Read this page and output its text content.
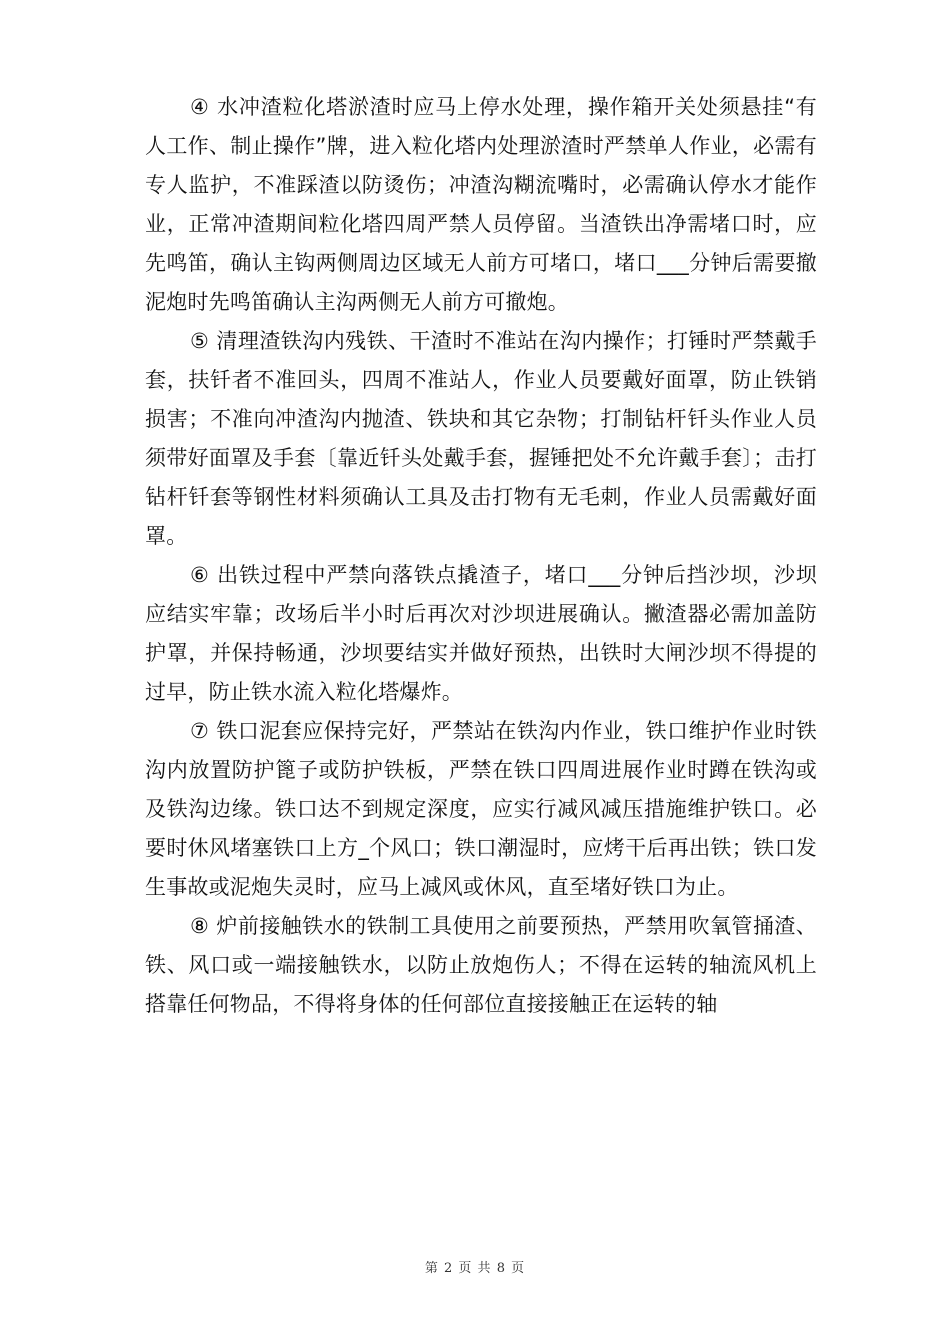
④ 水冲渣粒化塔淤渣时应马上停水处理，操作箱开关处须悬挂“有人工作、制止操作”牌，进入粒化塔内处理淤渣时严禁单人作业，必需有专人监护，不准踩渣以防烫伤；冲渣沟糊流嘴时，必需确认停水才能作业，正常冲渣期间粒化塔四周严禁人员停留。当渣铁出净需堵口时，应先鸣笛，确认主钩两侧周边区域无人前方可堵口，堵口___分钟后需要撤泥炮时先鸣笛确认主沟两侧无人前方可撤炮。

⑤ 清理渣铁沟内残铁、干渣时不准站在沟内操作；打锤时严禁戴手套，扶钎者不准回头，四周不准站人，作业人员要戴好面罩，防止铁销损害；不准向冲渣沟内抛渣、铁块和其它杂物；打制钻杆钎头作业人员须带好面罩及手套〔靠近钎头处戴手套，握锤把处不允许戴手套〕；击打钻杆钎套等钢性材料须确认工具及击打物有无毛刺，作业人员需戴好面罩。

⑥ 出铁过程中严禁向落铁点撬渣子，堵口___分钟后挡沙坝，沙坝应结实牢靠；改场后半小时后再次对沙坝进展确认。撇渣器必需加盖防护罩，并保持畅通，沙坝要结实并做好预热，出铁时大闸沙坝不得提的过早，防止铁水流入粒化塔爆炸。

⑦ 铁口泥套应保持完好，严禁站在铁沟内作业，铁口维护作业时铁沟内放置防护篦子或防护铁板，严禁在铁口四周进展作业时蹲在铁沟或及铁沟边缘。铁口达不到规定深度，应实行减风减压措施维护铁口。必要时休风堵塞铁口上方_个风口；铁口潮湿时，应烤干后再出铁；铁口发生事故或泥炮失灵时，应马上减风或休风，直至堵好铁口为止。

⑧ 炉前接触铁水的铁制工具使用之前要预热，严禁用吹氧管捅渣、铁、风口或一端接触铁水，以防止放炮伤人；不得在运转的轴流风机上搭靠任何物品，不得将身体的任何部位直接接触正在运转的轴

第 2 页 共 8 页
